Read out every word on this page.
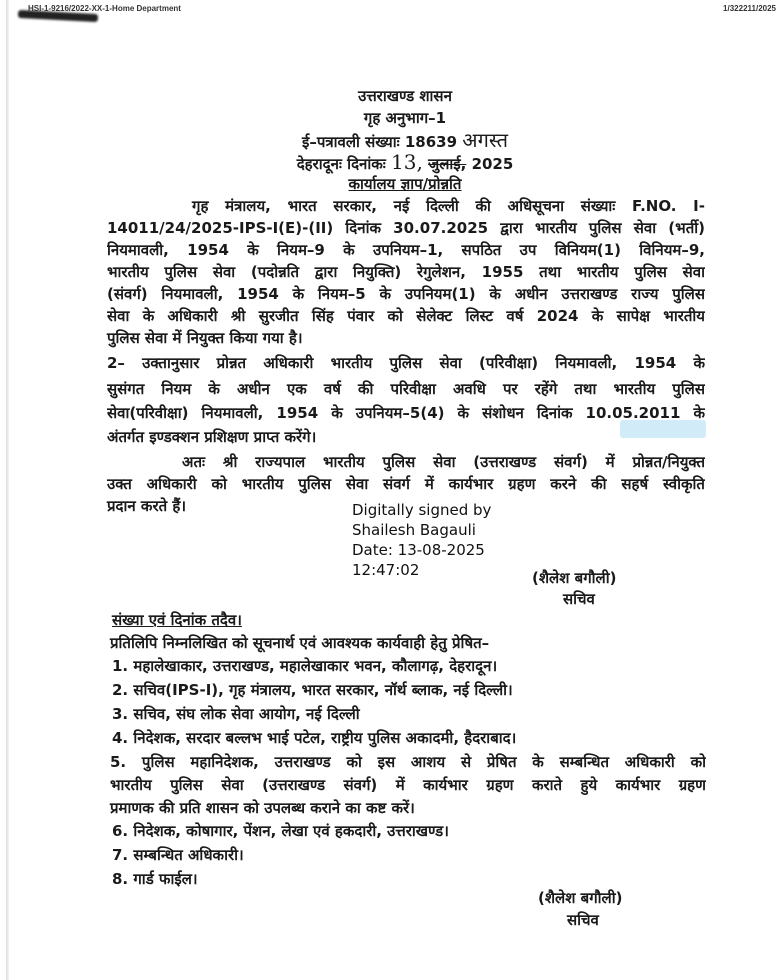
HSI-1-9216/2022-XX-1-Home Department	1/322211/2025
उत्तराखण्ड शासन
गृह अनुभाग–1
ई–पत्रावली संख्याः 18639 अगस्त
देहरादूनः दिनांकः 13, जुलाई, 2025
कार्यालय ज्ञाप/प्रोन्नति
गृह मंत्रालय, भारत सरकार, नई दिल्ली की अधिसूचना संख्याः F.NO. I-
14011/24/2025-IPS-I(E)-(II) दिनांक 30.07.2025 द्वारा भारतीय पुलिस सेवा (भर्ती)
नियमावली, 1954 के नियम–9 के उपनियम–1, सपठित उप विनियम(1) विनियम–9,
भारतीय पुलिस सेवा (पदोन्नति द्वारा नियुक्ति) रेगुलेशन, 1955 तथा भारतीय पुलिस सेवा
(संवर्ग) नियमावली, 1954 के नियम–5 के उपनियम(1) के अधीन उत्तराखण्ड राज्य पुलिस
सेवा के अधिकारी श्री सुरजीत सिंह पंवार को सेलेक्ट लिस्ट वर्ष 2024 के सापेक्ष भारतीय
पुलिस सेवा में नियुक्त किया गया है।
2– उक्तानुसार प्रोन्नत अधिकारी भारतीय पुलिस सेवा (परिवीक्षा) नियमावली, 1954 के
सुसंगत नियम के अधीन एक वर्ष की परिवीक्षा अवधि पर रहेंगे तथा भारतीय पुलिस
सेवा(परिवीक्षा) नियमावली, 1954 के उपनियम–5(4) के संशोधन दिनांक 10.05.2011 के
अंतर्गत इण्डक्शन प्रशिक्षण प्राप्त करेंगे।
अतः श्री राज्यपाल भारतीय पुलिस सेवा (उत्तराखण्ड संवर्ग) में प्रोन्नत/नियुक्त
उक्त अधिकारी को भारतीय पुलिस सेवा संवर्ग में कार्यभार ग्रहण करने की सहर्ष स्वीकृति
प्रदान करते हैं।	Digitally signed by
Shailesh Bagauli
Date: 13-08-2025
12:47:02	(शैलेश बगौली)
सचिव
संख्या एवं दिनांक तदैव।
प्रतिलिपि निम्नलिखित को सूचनार्थ एवं आवश्यक कार्यवाही हेतु प्रेषित–
1. महालेखाकार, उत्तराखण्ड, महालेखाकार भवन, कौलागढ़, देहरादून।
2. सचिव(IPS-I), गृह मंत्रालय, भारत सरकार, नॉर्थ ब्लाक, नई दिल्ली।
3. सचिव, संघ लोक सेवा आयोग, नई दिल्ली
4. निदेशक, सरदार बल्लभ भाई पटेल, राष्ट्रीय पुलिस अकादमी, हैदराबाद।
5. पुलिस महानिदेशक, उत्तराखण्ड को इस आशय से प्रेषित के सम्बन्धित अधिकारी को
भारतीय पुलिस सेवा (उत्तराखण्ड संवर्ग) में कार्यभार ग्रहण कराते हुये कार्यभार ग्रहण
प्रमाणक की प्रति शासन को उपलब्ध कराने का कष्ट करें।
6. निदेशक, कोषागार, पेंशन, लेखा एवं हकदारी, उत्तराखण्ड।
7. सम्बन्धित अधिकारी।
8. गार्ड फाईल।
(शैलेश बगौली)
सचिव
